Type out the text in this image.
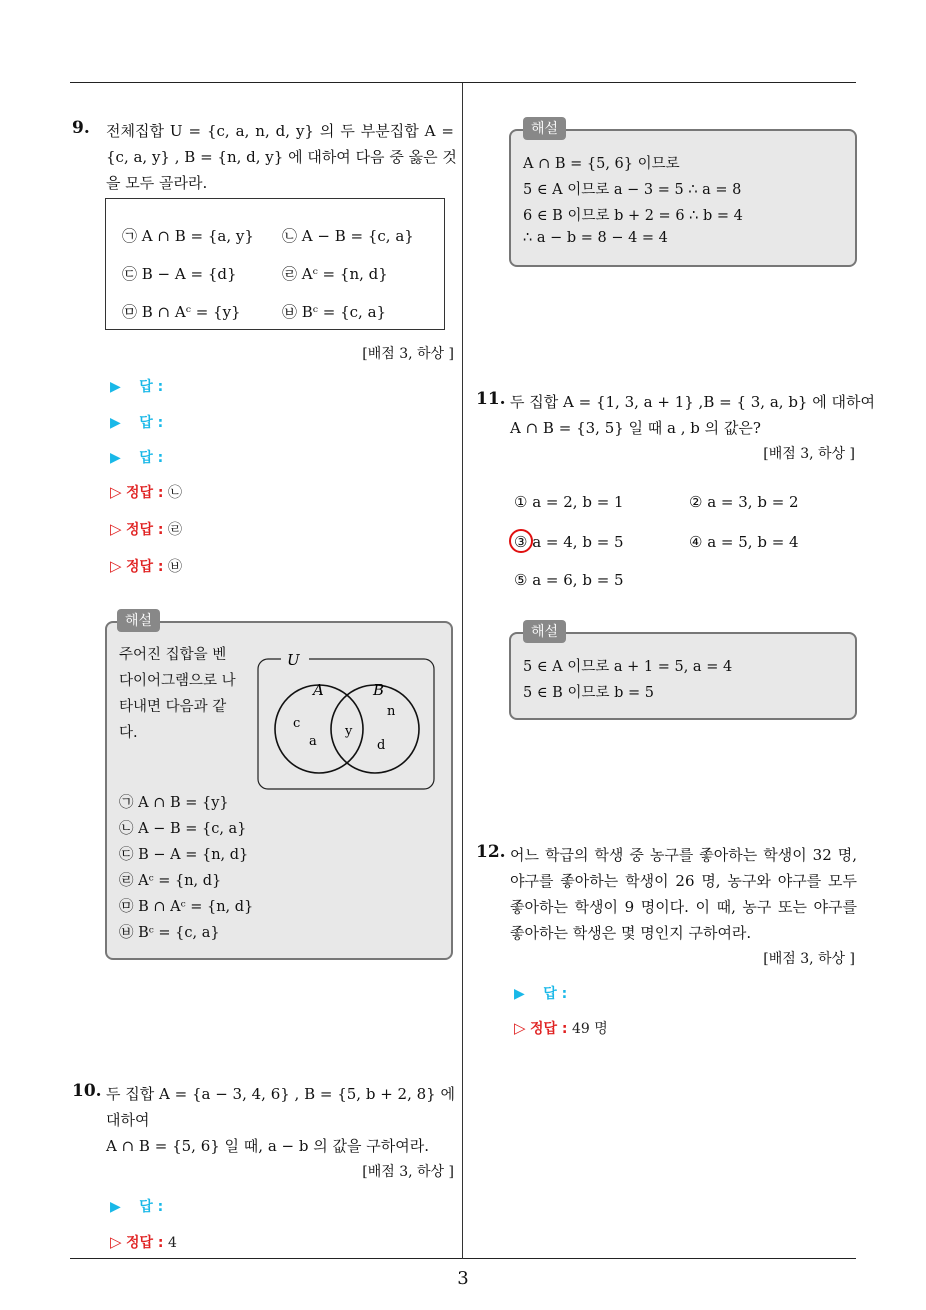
9. 전체집합 U = {c, a, n, d, y} 의 두 부분집합 A =
{c, a, y} , B = {n, d, y} 에 대하여 다음 중 옳은 것
을 모두 골라라.
㉠ A ∩ B = {a, y} ㉡ A − B = {c, a}
㉢ B − A = {d}	㉣ Aᶜ = {n, d}
㉤ B ∩ Aᶜ = {y}	㉥ Bᶜ = {c, a}
[배점 3, 하상 ]
▶ 답 :
▶ 답 :
▶ 답 :
▷ 정답 : ㉡
▷ 정답 : ㉣
▷ 정답 : ㉥
주어진 집합을 벤
다이어그램으로 나
타내면 다음과 같
다.
U
A	B
c
a
y
n
d
㉠ A ∩ B = {y}
㉡ A − B = {c, a}
㉢ B − A = {n, d}
㉣ Aᶜ = {n, d}
㉤ B ∩ Aᶜ = {n, d}
㉥ Bᶜ = {c, a}
해설
10. 두 집합 A = {a − 3, 4, 6} , B = {5, b + 2, 8} 에
대하여
A ∩ B = {5, 6} 일 때, a − b 의 값을 구하여라.
[배점 3, 하상 ]
▶ 답 :
▷ 정답 : 4
A ∩ B = {5, 6} 이므로
5 ∈ A 이므로 a − 3 = 5 ∴ a = 8
6 ∈ B 이므로 b + 2 = 6 ∴ b = 4
∴ a − b = 8 − 4 = 4
해설
11. 두 집합 A = {1, 3, a + 1} ,B = { 3, a, b} 에 대하여
A ∩ B = {3, 5} 일 때 a , b 의 값은?
[배점 3, 하상 ]
① a = 2, b = 1	② a = 3, b = 2
③ a = 4, b = 5	④ a = 5, b = 4
⑤ a = 6, b = 5
5 ∈ A 이므로 a + 1 = 5, a = 4
5 ∈ B 이므로 b = 5
해설
12. 어느 학급의 학생 중 농구를 좋아하는 학생이 32 명,
야구를 좋아하는 학생이 26 명, 농구와 야구를 모두
좋아하는 학생이 9 명이다. 이 때, 농구 또는 야구를
좋아하는 학생은 몇 명인지 구하여라.
[배점 3, 하상 ]
▶ 답 :
▷ 정답 : 49 명
3
